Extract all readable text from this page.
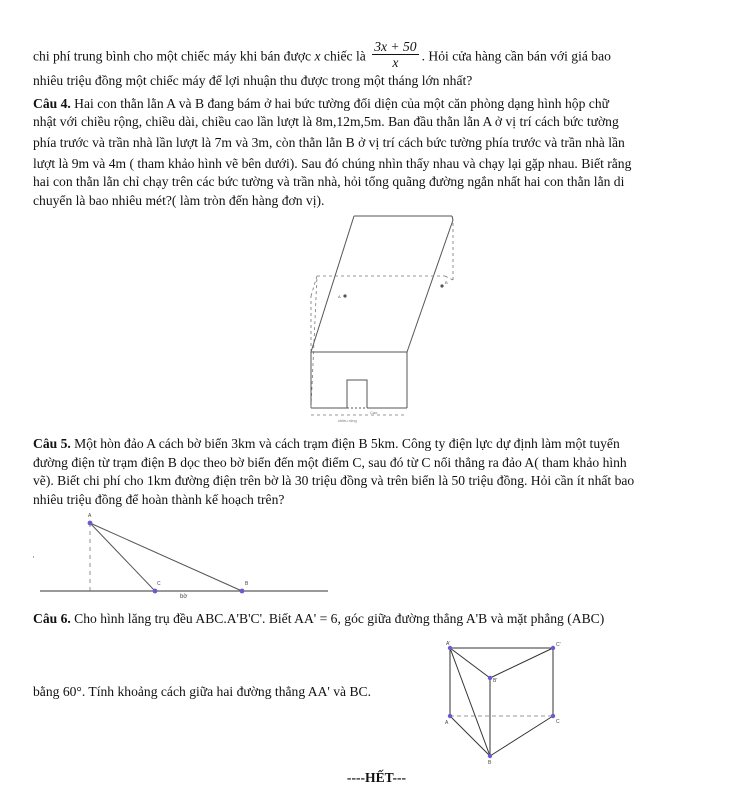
chi phí trung bình cho một chiếc máy khi bán được x chiếc là $\frac{3x + 50}{x}$ . Hỏi cửa hàng cần bán với giá bao
nhiêu triệu đồng một chiếc máy để lợi nhuận thu được trong một tháng lớn nhất?
Câu 4. Hai con thằn lằn A và B đang bám ở hai bức tường đối diện của một căn phòng dạng hình hộp chữ
nhật với chiều rộng, chiều dài, chiều cao lần lượt là 8m,12m,5m. Ban đầu thằn lằn A ở vị trí cách bức tường
phía trước và trần nhà lần lượt là 7m và 3m, còn thằn lằn B ở vị trí cách bức tường phía trước và trần nhà lần
lượt là 9m và 4m ( tham khảo hình vẽ bên dưới). Sau đó chúng nhìn thấy nhau và chạy lại gặp nhau. Biết rằng
hai con thằn lằn chỉ chạy trên các bức tường và trần nhà, hỏi tổng quãng đường ngắn nhất hai con thằn lằn di
chuyển là bao nhiêu mét?( làm tròn đến hàng đơn vị).
A
B
chiều rộng
Cao
Câu 5. Một hòn đảo A cách bờ biển 3km và cách trạm điện B 5km. Công ty điện lực dự định làm một tuyến
đường điện từ trạm điện B dọc theo bờ biển đến một điểm C, sau đó từ C nối thẳng ra đảo A( tham khảo hình
vẽ). Biết chi phí cho 1km đường điện trên bờ là 30 triệu đồng và trên biển là 50 triệu đồng. Hỏi cần ít nhất bao
nhiêu triệu đồng để hoàn thành kế hoạch trên?
A
C	B
bờ
Câu 6. Cho hình lăng trụ đều ABC.A'B'C'. Biết AA' = 6, góc giữa đường thẳng A'B và mặt phẳng (ABC)
bằng 60°. Tính khoảng cách giữa hai đường thẳng AA' và BC.
A'	C'
B'
A	C
B
----HẾT---
